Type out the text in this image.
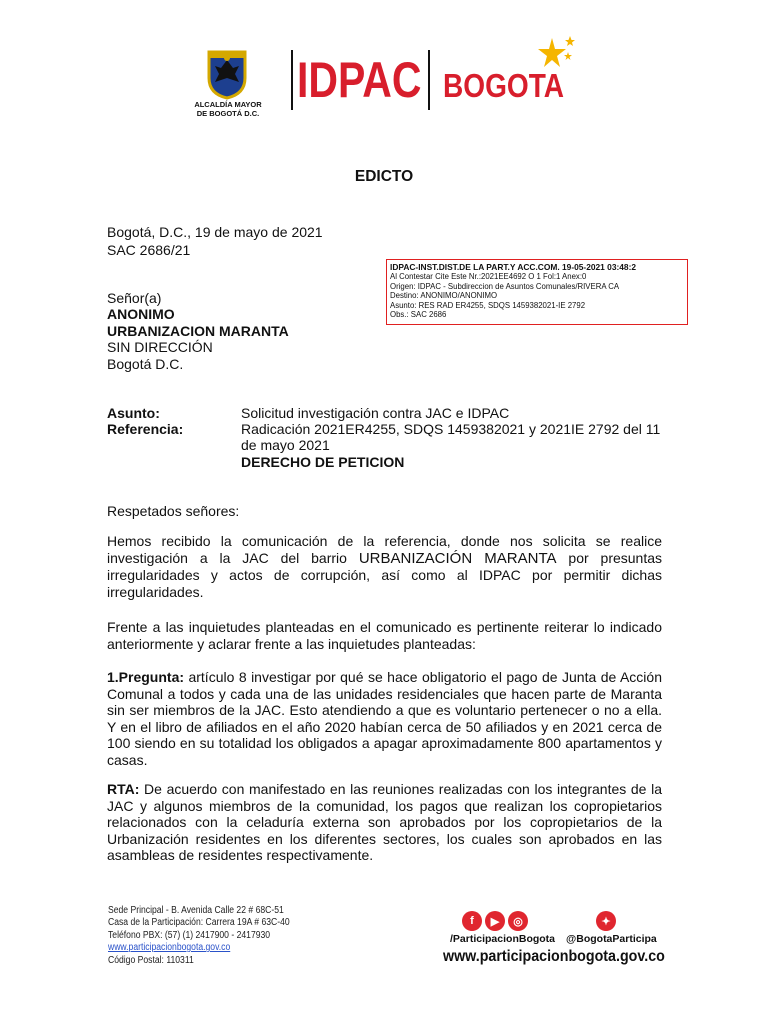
ALCALDÍA MAYOR
DE BOGOTÁ D.C.
IDPAC BOGOTA
EDICTO
Bogotá, D.C., 19 de mayo de 2021
SAC 2686/21
IDPAC-INST.DIST.DE LA PART.Y ACC.COM. 19-05-2021 03:48:2
Al Contestar Cite Este Nr.:2021EE4692 O 1 Fol:1 Anex:0
Origen: IDPAC - Subdireccion de Asuntos Comunales/RIVERA CA
Destino: ANONIMO/ANONIMO
Asunto: RES RAD ER4255, SDQS 1459382021-IE 2792
Obs.: SAC 2686
Señor(a)
ANONIMO
URBANIZACION MARANTA
SIN DIRECCIÓN
Bogotá D.C.
Asunto:	Solicitud investigación contra JAC e IDPAC
Referencia:	Radicación 2021ER4255, SDQS 1459382021 y 2021IE 2792 del 11
de mayo 2021
DERECHO DE PETICION
Respetados señores:
Hemos recibido la comunicación de la referencia, donde nos solicita se realice investigación a la JAC del barrio URBANIZACIÓN MARANTA por presuntas irregularidades y actos de corrupción, así como al IDPAC por permitir dichas irregularidades.
Frente a las inquietudes planteadas en el comunicado es pertinente reiterar lo indicado anteriormente y aclarar frente a las inquietudes planteadas:
1.Pregunta: artículo 8 investigar por qué se hace obligatorio el pago de Junta de Acción Comunal a todos y cada una de las unidades residenciales que hacen parte de Maranta sin ser miembros de la JAC. Esto atendiendo a que es voluntario pertenecer o no a ella. Y en el libro de afiliados en el año 2020 habían cerca de 50 afiliados y en 2021 cerca de 100 siendo en su totalidad los obligados a apagar aproximadamente 800 apartamentos y casas.
RTA: De acuerdo con manifestado en las reuniones realizadas con los integrantes de la JAC y algunos miembros de la comunidad, los pagos que realizan los copropietarios relacionados con la celaduría externa son aprobados por los copropietarios de la Urbanización residentes en los diferentes sectores, los cuales son aprobados en las asambleas de residentes respectivamente.
Sede Principal - B. Avenida Calle 22 # 68C-51
Casa de la Participación: Carrera 19A # 63C-40
Teléfono PBX: (57) (1) 2417900 - 2417930
www.participacionbogota.gov.co
Código Postal: 110311
f	▶	◎	✦
/ParticipacionBogota @BogotaParticipa
www.participacionbogota.gov.co
